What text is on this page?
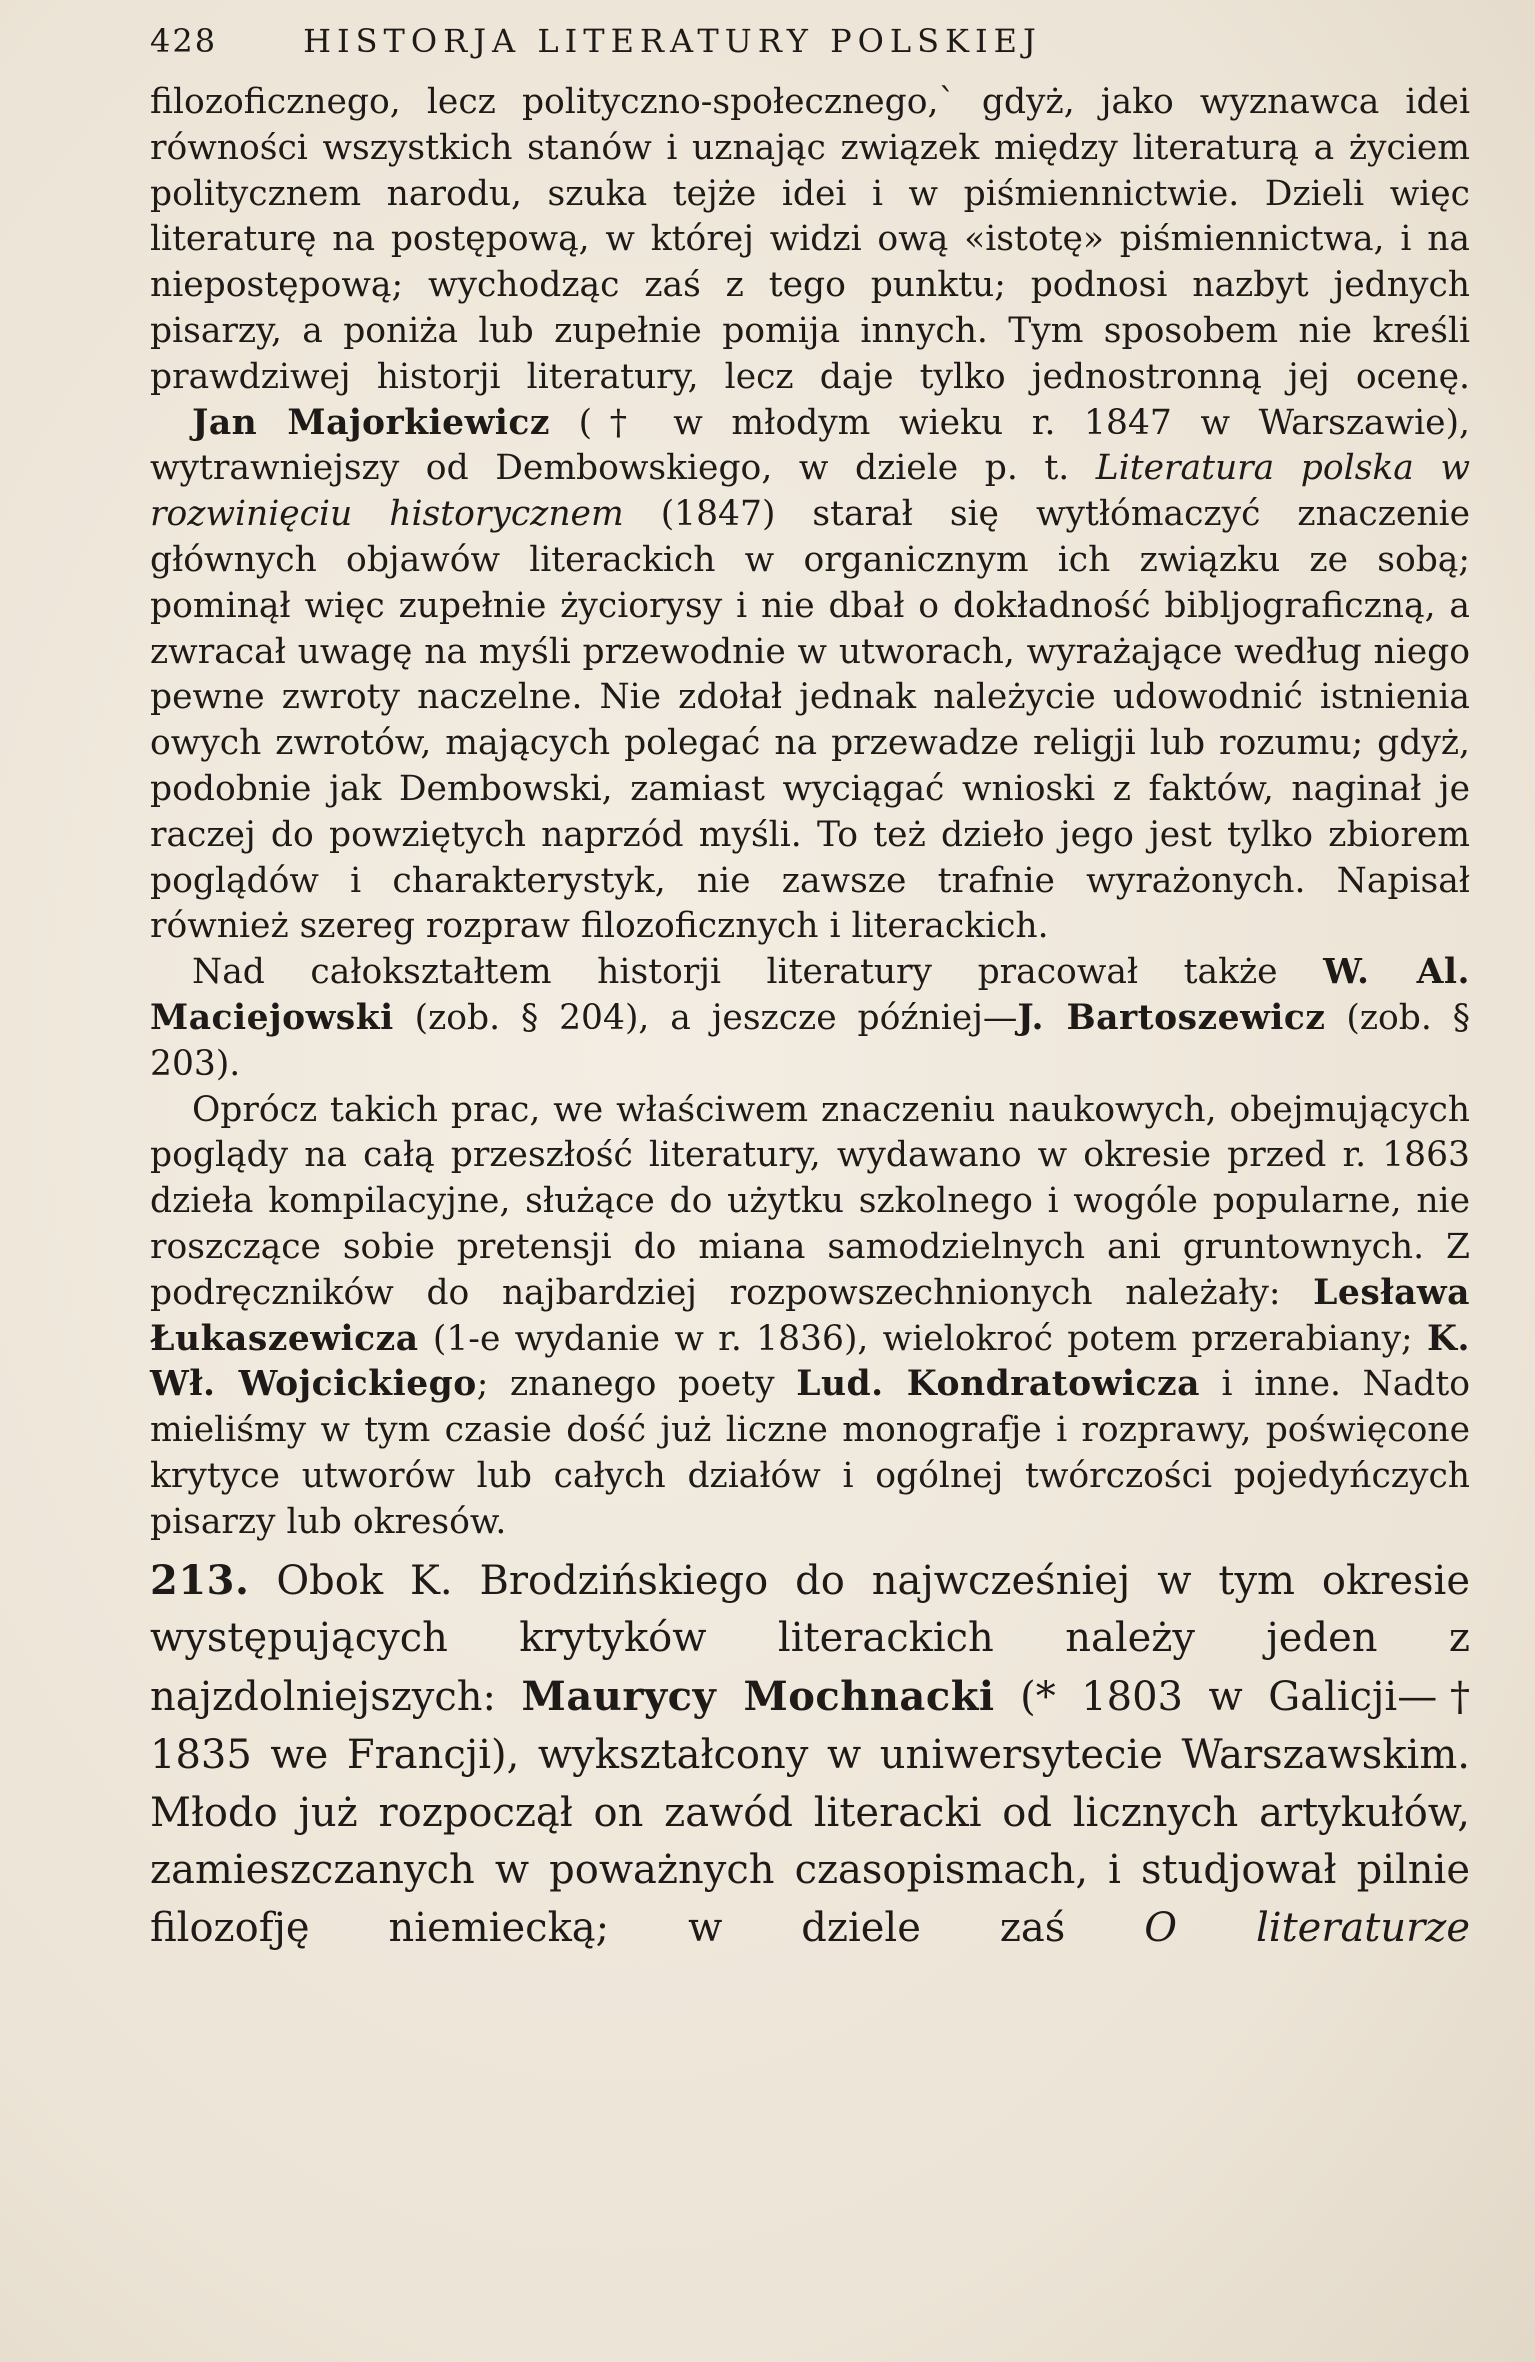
428	HISTORJA LITERATURY POLSKIEJ

filozoficznego, lecz polityczno-społecznego,` gdyż, jako wyznawca idei równości wszystkich stanów i uznając związek między literaturą a życiem politycznem narodu, szuka tejże idei i w piśmiennictwie. Dzieli więc literaturę na postępową, w której widzi ową «istotę» piśmiennictwa, i na niepostępową; wychodząc zaś z tego punktu; podnosi nazbyt jednych pisarzy, a poniża lub zupełnie pomija innych. Tym sposobem nie kreśli prawdziwej historji literatury, lecz daje tylko jednostronną jej ocenę.

Jan Majorkiewicz († w młodym wieku r. 1847 w Warszawie), wytrawniejszy od Dembowskiego, w dziele p. t. Literatura polska w rozwinięciu historycznem (1847) starał się wytłómaczyć znaczenie głównych objawów literackich w organicznym ich związku ze sobą; pominął więc zupełnie życiorysy i nie dbał o dokładność bibljograficzną, a zwracał uwagę na myśli przewodnie w utworach, wyrażające według niego pewne zwroty naczelne. Nie zdołał jednak należycie udowodnić istnienia owych zwrotów, mających polegać na przewadze religji lub rozumu; gdyż, podobnie jak Dembowski, zamiast wyciągać wnioski z faktów, naginał je raczej do powziętych naprzód myśli. To też dzieło jego jest tylko zbiorem poglądów i charakterystyk, nie zawsze trafnie wyrażonych. Napisał również szereg rozpraw filozoficznych i literackich.

Nad całokształtem historji literatury pracował także W. Al. Maciejowski (zob. § 204), a jeszcze później—J. Bartoszewicz (zob. § 203).

Oprócz takich prac, we właściwem znaczeniu naukowych, obejmujących poglądy na całą przeszłość literatury, wydawano w okresie przed r. 1863 dzieła kompilacyjne, służące do użytku szkolnego i wogóle popularne, nie roszczące sobie pretensji do miana samodzielnych ani gruntownych. Z podręczników do najbardziej rozpowszechnionych należały: Lesława Łukaszewicza (1-e wydanie w r. 1836), wielokroć potem przerabiany; K. Wł. Wojcickiego; znanego poety Lud. Kondratowicza i inne. Nadto mieliśmy w tym czasie dość już liczne monografje i rozprawy, poświęcone krytyce utworów lub całych działów i ogólnej twórczości pojedyńczych pisarzy lub okresów.

213. Obok K. Brodzińskiego do najwcześniej w tym okresie występujących krytyków literackich należy jeden z najzdolniejszych: Maurycy Mochnacki (* 1803 w Galicji—† 1835 we Francji), wykształcony w uniwersytecie Warszawskim. Młodo już rozpoczął on zawód literacki od licznych artykułów, zamieszczanych w poważnych czasopismach, i studjował pilnie filozofję niemiecką; w dziele zaś O literaturze
